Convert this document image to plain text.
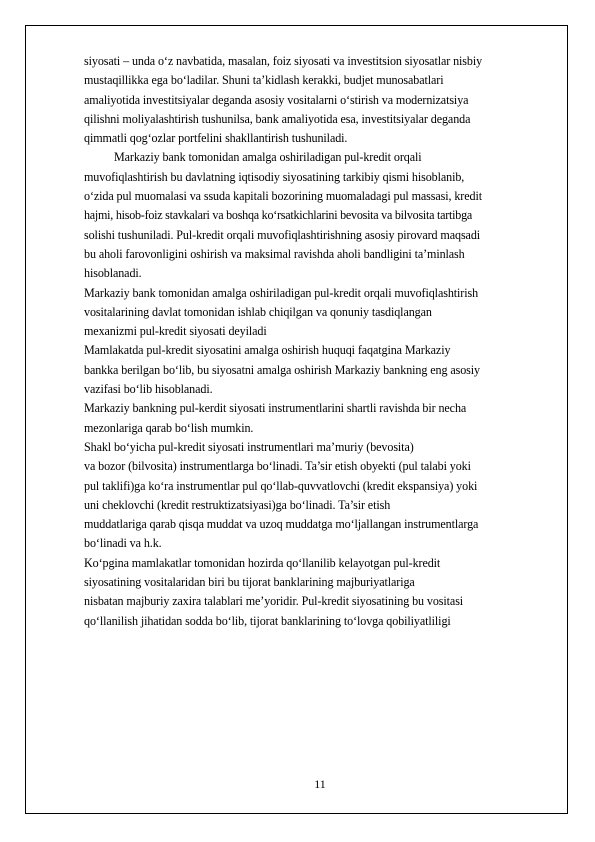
siyosati – unda o‘z navbatida, masalan, foiz siyosati va investitsion siyosatlar nisbiy
mustaqillikka ega bo‘ladilar. Shuni ta’kidlash kerakki, budjet munosabatlari
amaliyotida investitsiyalar deganda asosiy vositalarni o‘stirish va modernizatsiya
qilishni moliyalashtirish tushunilsa, bank amaliyotida esa, investitsiyalar deganda
qimmatli qog‘ozlar portfelini shakllantirish tushuniladi.
Markaziy bank tomonidan amalga oshiriladigan pul-kredit orqali
muvofiqlashtirish bu davlatning iqtisodiy siyosatining tarkibiy qismi hisoblanib,
o‘zida pul muomalasi va ssuda kapitali bozorining muomaladagi pul massasi, kredit
hajmi, hisob-foiz stavkalari va boshqa ko‘rsatkichlarini bevosita va bilvosita tartibga
solishi tushuniladi. Pul-kredit orqali muvofiqlashtirishning asosiy pirovard maqsadi
bu aholi farovonligini oshirish va maksimal ravishda aholi bandligini ta’minlash
hisoblanadi.
Markaziy bank tomonidan amalga oshiriladigan pul-kredit orqali muvofiqlashtirish
vositalarining davlat tomonidan ishlab chiqilgan va qonuniy tasdiqlangan
mexanizmi pul-kredit siyosati deyiladi
Mamlakatda pul-kredit siyosatini amalga oshirish huquqi faqatgina Markaziy
bankka berilgan bo‘lib, bu siyosatni amalga oshirish Markaziy bankning eng asosiy
vazifasi bo‘lib hisoblanadi.
Markaziy bankning pul-kerdit siyosati instrumentlarini shartli ravishda bir necha
mezonlariga qarab bo‘lish mumkin.
Shakl bo‘yicha pul-kredit siyosati instrumentlari ma’muriy (bevosita)
va bozor (bilvosita) instrumentlarga bo‘linadi. Ta’sir etish obyekti (pul talabi yoki
pul taklifi)ga ko‘ra instrumentlar pul qo‘llab-quvvatlovchi (kredit ekspansiya) yoki
uni cheklovchi (kredit restruktizatsiyasi)ga bo‘linadi. Ta’sir etish
muddatlariga qarab qisqa muddat va uzoq muddatga mo‘ljallangan instrumentlarga
bo‘linadi va h.k.
Ko‘pgina mamlakatlar tomonidan hozirda qo‘llanilib kelayotgan pul-kredit
siyosatining vositalaridan biri bu tijorat banklarining majburiyatlariga
nisbatan majburiy zaxira talablari me’yoridir. Pul-kredit siyosatining bu vositasi
qo‘llanilish jihatidan sodda bo‘lib, tijorat banklarining to‘lovga qobiliyatliligi
11
